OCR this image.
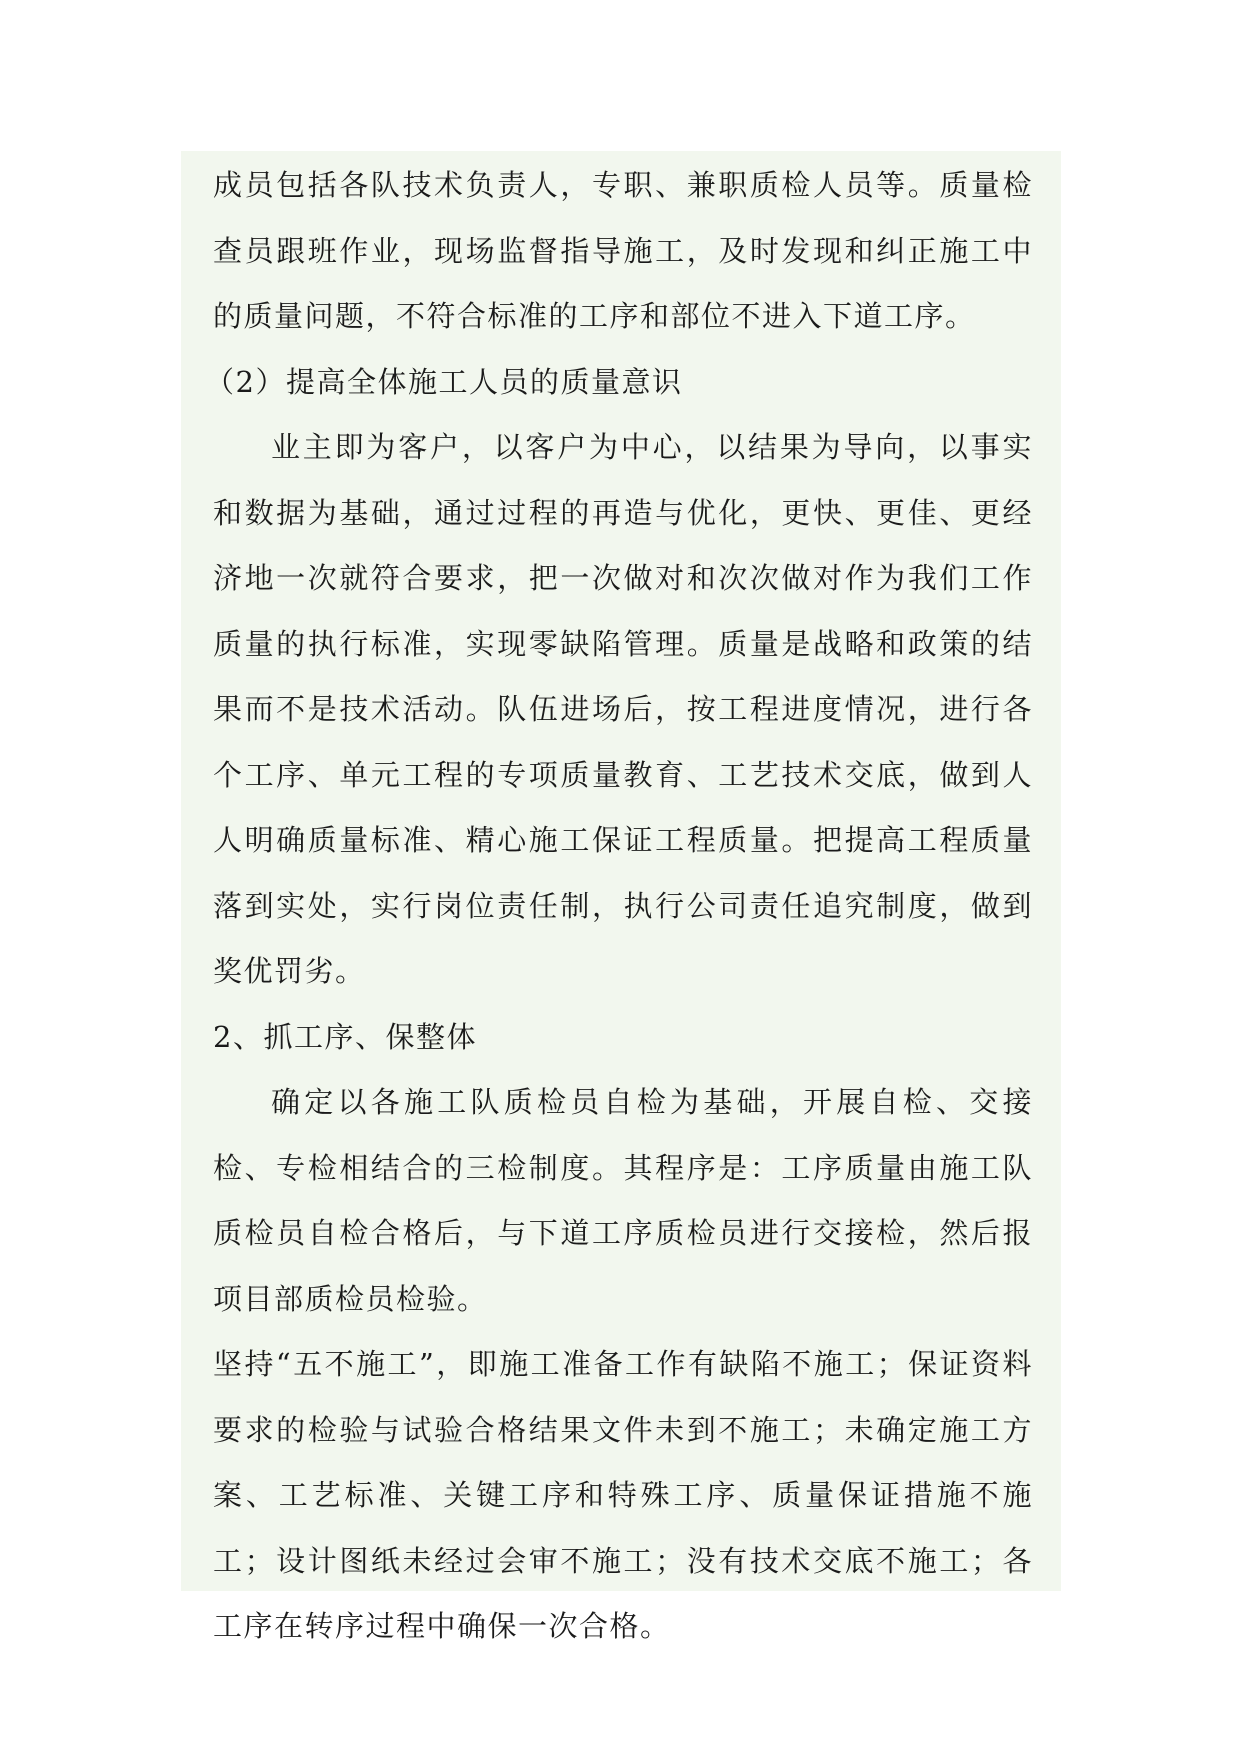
成员包括各队技术负责人，专职、兼职质检人员等。质量检查员跟班作业，现场监督指导施工，及时发现和纠正施工中的质量问题，不符合标准的工序和部位不进入下道工序。

（2）提高全体施工人员的质量意识

业主即为客户，以客户为中心，以结果为导向，以事实和数据为基础，通过过程的再造与优化，更快、更佳、更经济地一次就符合要求，把一次做对和次次做对作为我们工作质量的执行标准，实现零缺陷管理。质量是战略和政策的结果而不是技术活动。队伍进场后，按工程进度情况，进行各个工序、单元工程的专项质量教育、工艺技术交底，做到人人明确质量标准、精心施工保证工程质量。把提高工程质量落到实处，实行岗位责任制，执行公司责任追究制度，做到奖优罚劣。

2、抓工序、保整体

确定以各施工队质检员自检为基础，开展自检、交接检、专检相结合的三检制度。其程序是：工序质量由施工队质检员自检合格后，与下道工序质检员进行交接检，然后报项目部质检员检验。

坚持“五不施工”，即施工准备工作有缺陷不施工；保证资料要求的检验与试验合格结果文件未到不施工；未确定施工方案、工艺标准、关键工序和特殊工序、质量保证措施不施工；设计图纸未经过会审不施工；没有技术交底不施工；各工序在转序过程中确保一次合格。
